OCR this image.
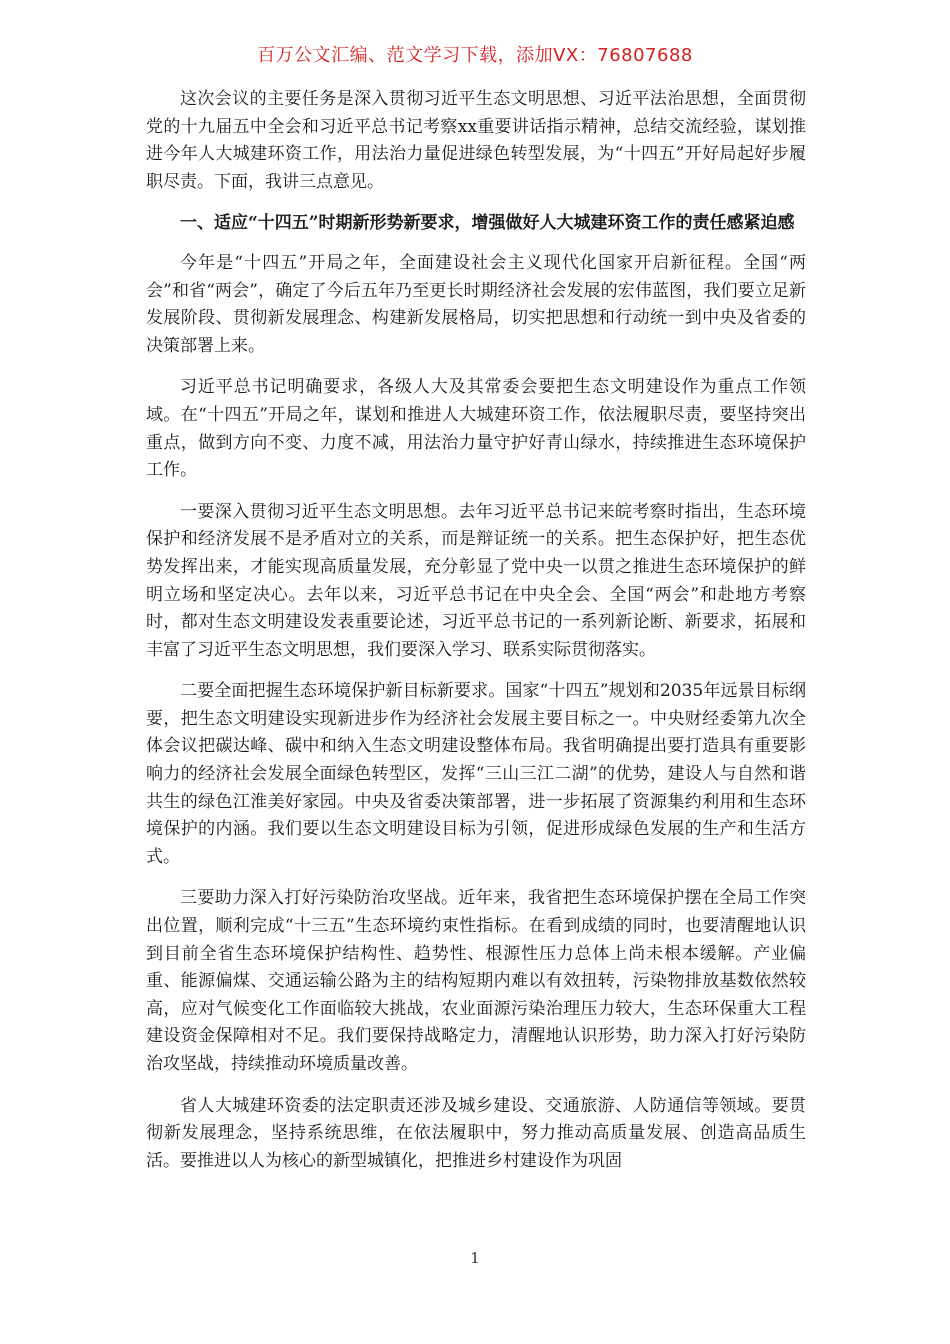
百万公文汇编、范文学习下载，添加VX：76807688

这次会议的主要任务是深入贯彻习近平生态文明思想、习近平法治思想，全面贯彻党的十九届五中全会和习近平总书记考察xx重要讲话指示精神，总结交流经验，谋划推进今年人大城建环资工作，用法治力量促进绿色转型发展，为“十四五”开好局起好步履职尽责。下面，我讲三点意见。

一、适应“十四五”时期新形势新要求，增强做好人大城建环资工作的责任感紧迫感

今年是“十四五”开局之年，全面建设社会主义现代化国家开启新征程。全国“两会”和省“两会”，确定了今后五年乃至更长时期经济社会发展的宏伟蓝图，我们要立足新发展阶段、贯彻新发展理念、构建新发展格局，切实把思想和行动统一到中央及省委的决策部署上来。

习近平总书记明确要求，各级人大及其常委会要把生态文明建设作为重点工作领域。在“十四五”开局之年，谋划和推进人大城建环资工作，依法履职尽责，要坚持突出重点，做到方向不变、力度不减，用法治力量守护好青山绿水，持续推进生态环境保护工作。

一要深入贯彻习近平生态文明思想。去年习近平总书记来皖考察时指出，生态环境保护和经济发展不是矛盾对立的关系，而是辩证统一的关系。把生态保护好，把生态优势发挥出来，才能实现高质量发展，充分彰显了党中央一以贯之推进生态环境保护的鲜明立场和坚定决心。去年以来，习近平总书记在中央全会、全国“两会”和赴地方考察时，都对生态文明建设发表重要论述，习近平总书记的一系列新论断、新要求，拓展和丰富了习近平生态文明思想，我们要深入学习、联系实际贯彻落实。

二要全面把握生态环境保护新目标新要求。国家“十四五”规划和2035年远景目标纲要，把生态文明建设实现新进步作为经济社会发展主要目标之一。中央财经委第九次全体会议把碳达峰、碳中和纳入生态文明建设整体布局。我省明确提出要打造具有重要影响力的经济社会发展全面绿色转型区，发挥“三山三江二湖”的优势，建设人与自然和谐共生的绿色江淮美好家园。中央及省委决策部署，进一步拓展了资源集约利用和生态环境保护的内涵。我们要以生态文明建设目标为引领，促进形成绿色发展的生产和生活方式。

三要助力深入打好污染防治攻坚战。近年来，我省把生态环境保护摆在全局工作突出位置，顺利完成“十三五”生态环境约束性指标。在看到成绩的同时，也要清醒地认识到目前全省生态环境保护结构性、趋势性、根源性压力总体上尚未根本缓解。产业偏重、能源偏煤、交通运输公路为主的结构短期内难以有效扭转，污染物排放基数依然较高，应对气候变化工作面临较大挑战，农业面源污染治理压力较大，生态环保重大工程建设资金保障相对不足。我们要保持战略定力，清醒地认识形势，助力深入打好污染防治攻坚战，持续推动环境质量改善。

省人大城建环资委的法定职责还涉及城乡建设、交通旅游、人防通信等领域。要贯彻新发展理念，坚持系统思维，在依法履职中，努力推动高质量发展、创造高品质生活。要推进以人为核心的新型城镇化，把推进乡村建设作为巩固

1
